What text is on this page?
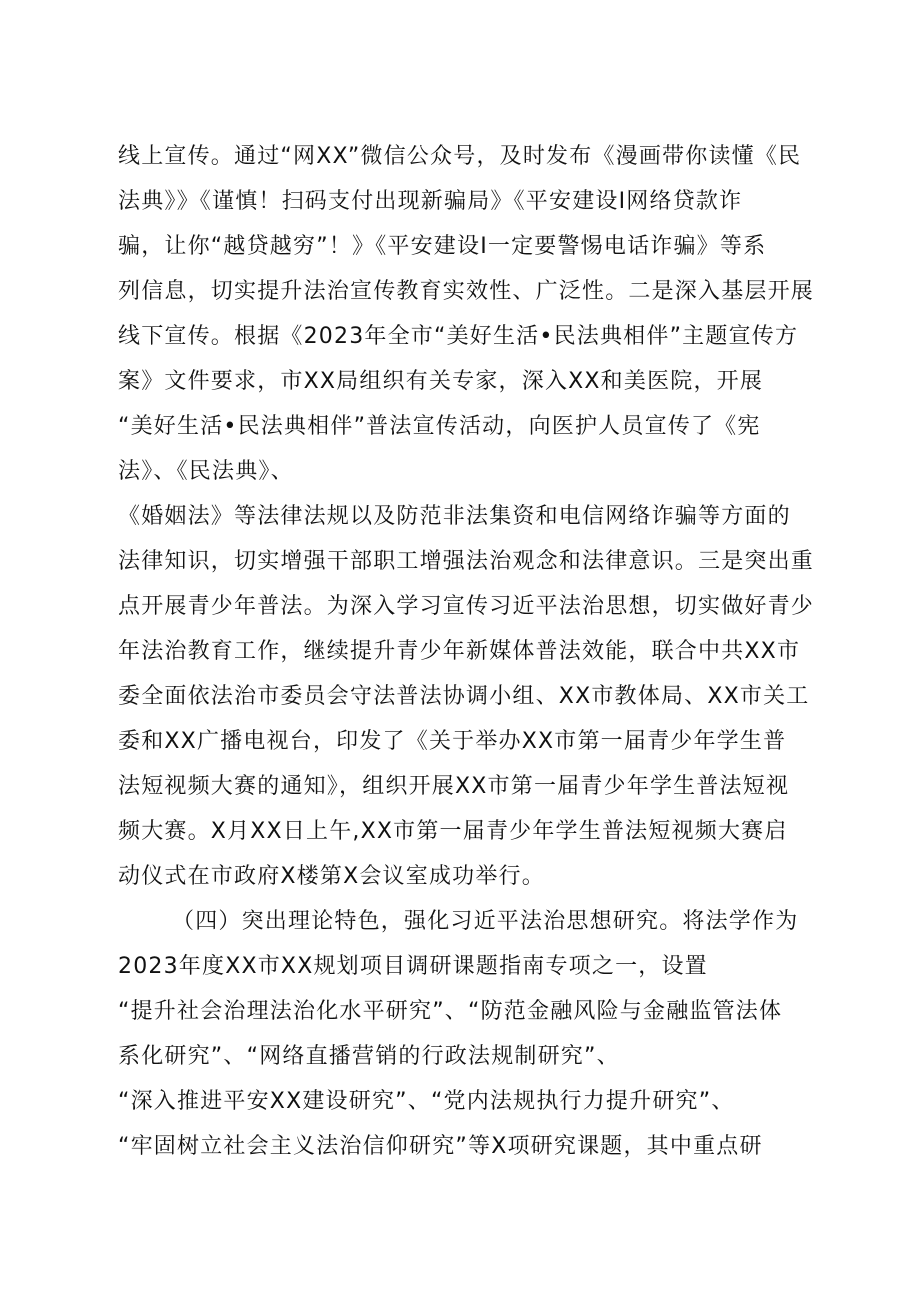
线上宣传。通过“网XX”微信公众号，及时发布《漫画带你读懂《民
法典》》《谨慎！扫码支付出现新骗局》《平安建设Ⅰ网络贷款诈
骗，让你“越贷越穷”！》《平安建设Ⅰ一定要警惕电话诈骗》等系
列信息，切实提升法治宣传教育实效性、广泛性。二是深入基层开展
线下宣传。根据《2023年全市“美好生活•民法典相伴”主题宣传方
案》文件要求，市XX局组织有关专家，深入XX和美医院，开展
“美好生活•民法典相伴”普法宣传活动，向医护人员宣传了《宪
法》、《民法典》、
《婚姻法》等法律法规以及防范非法集资和电信网络诈骗等方面的
法律知识，切实增强干部职工增强法治观念和法律意识。三是突出重
点开展青少年普法。为深入学习宣传习近平法治思想，切实做好青少
年法治教育工作，继续提升青少年新媒体普法效能，联合中共XX市
委全面依法治市委员会守法普法协调小组、XX市教体局、XX市关工
委和XX广播电视台，印发了《关于举办XX市第一届青少年学生普
法短视频大赛的通知》，组织开展XX市第一届青少年学生普法短视
频大赛。X月XX日上午,XX市第一届青少年学生普法短视频大赛启
动仪式在市政府X楼第X会议室成功举行。
（四）突出理论特色，强化习近平法治思想研究。将法学作为
2023年度XX市XX规划项目调研课题指南专项之一，设置
“提升社会治理法治化水平研究”、“防范金融风险与金融监管法体
系化研究”、“网络直播营销的行政法规制研究”、
“深入推进平安XX建设研究”、“党内法规执行力提升研究”、
“牢固树立社会主义法治信仰研究”等X项研究课题，其中重点研
